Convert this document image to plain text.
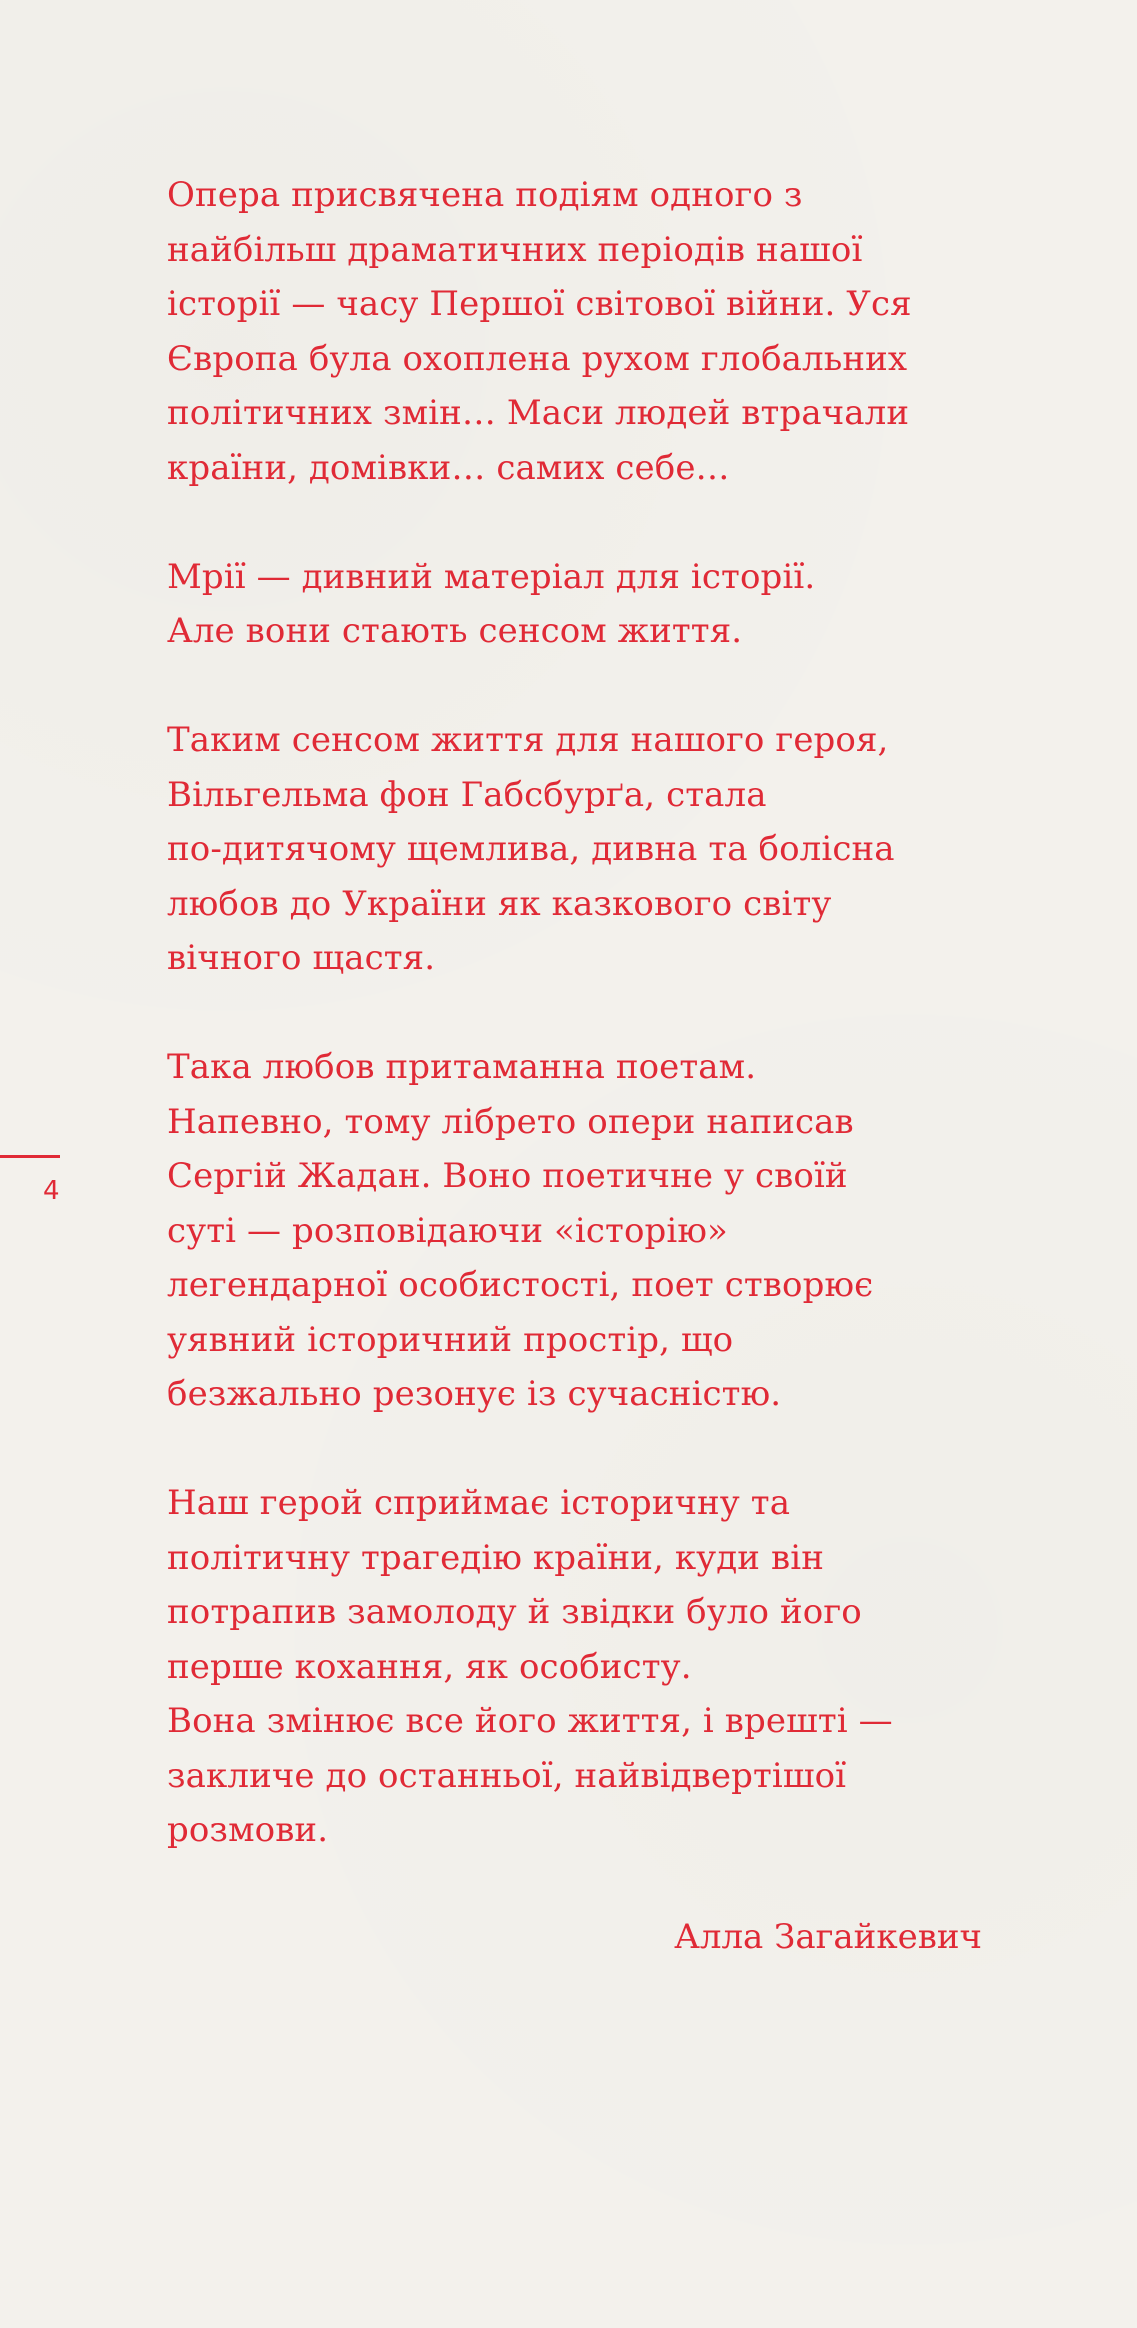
4

Опера присвячена подіям одного з
найбільш драматичних періодів нашої
історії — часу Першої світової війни. Уся
Європа була охоплена рухом глобальних
політичних змін… Маси людей втрачали
країни, домівки… самих себе…

Мрії — дивний матеріал для історії.
Але вони стають сенсом життя.

Таким сенсом життя для нашого героя,
Вільгельма фон Габсбурґа, стала
по-дитячому щемлива, дивна та болісна
любов до України як казкового світу
вічного щастя.

Така любов притаманна поетам.
Напевно, тому лібрето опери написав
Сергій Жадан. Воно поетичне у своїй
суті — розповідаючи «історію»
легендарної особистості, поет створює
уявний історичний простір, що
безжально резонує із сучасністю.

Наш герой сприймає історичну та
політичну трагедію країни, куди він
потрапив замолоду й звідки було його
перше кохання, як особисту.
Вона змінює все його життя, і врешті —
закличе до останньої, найвідвертішої
розмови.

Алла Загайкевич
